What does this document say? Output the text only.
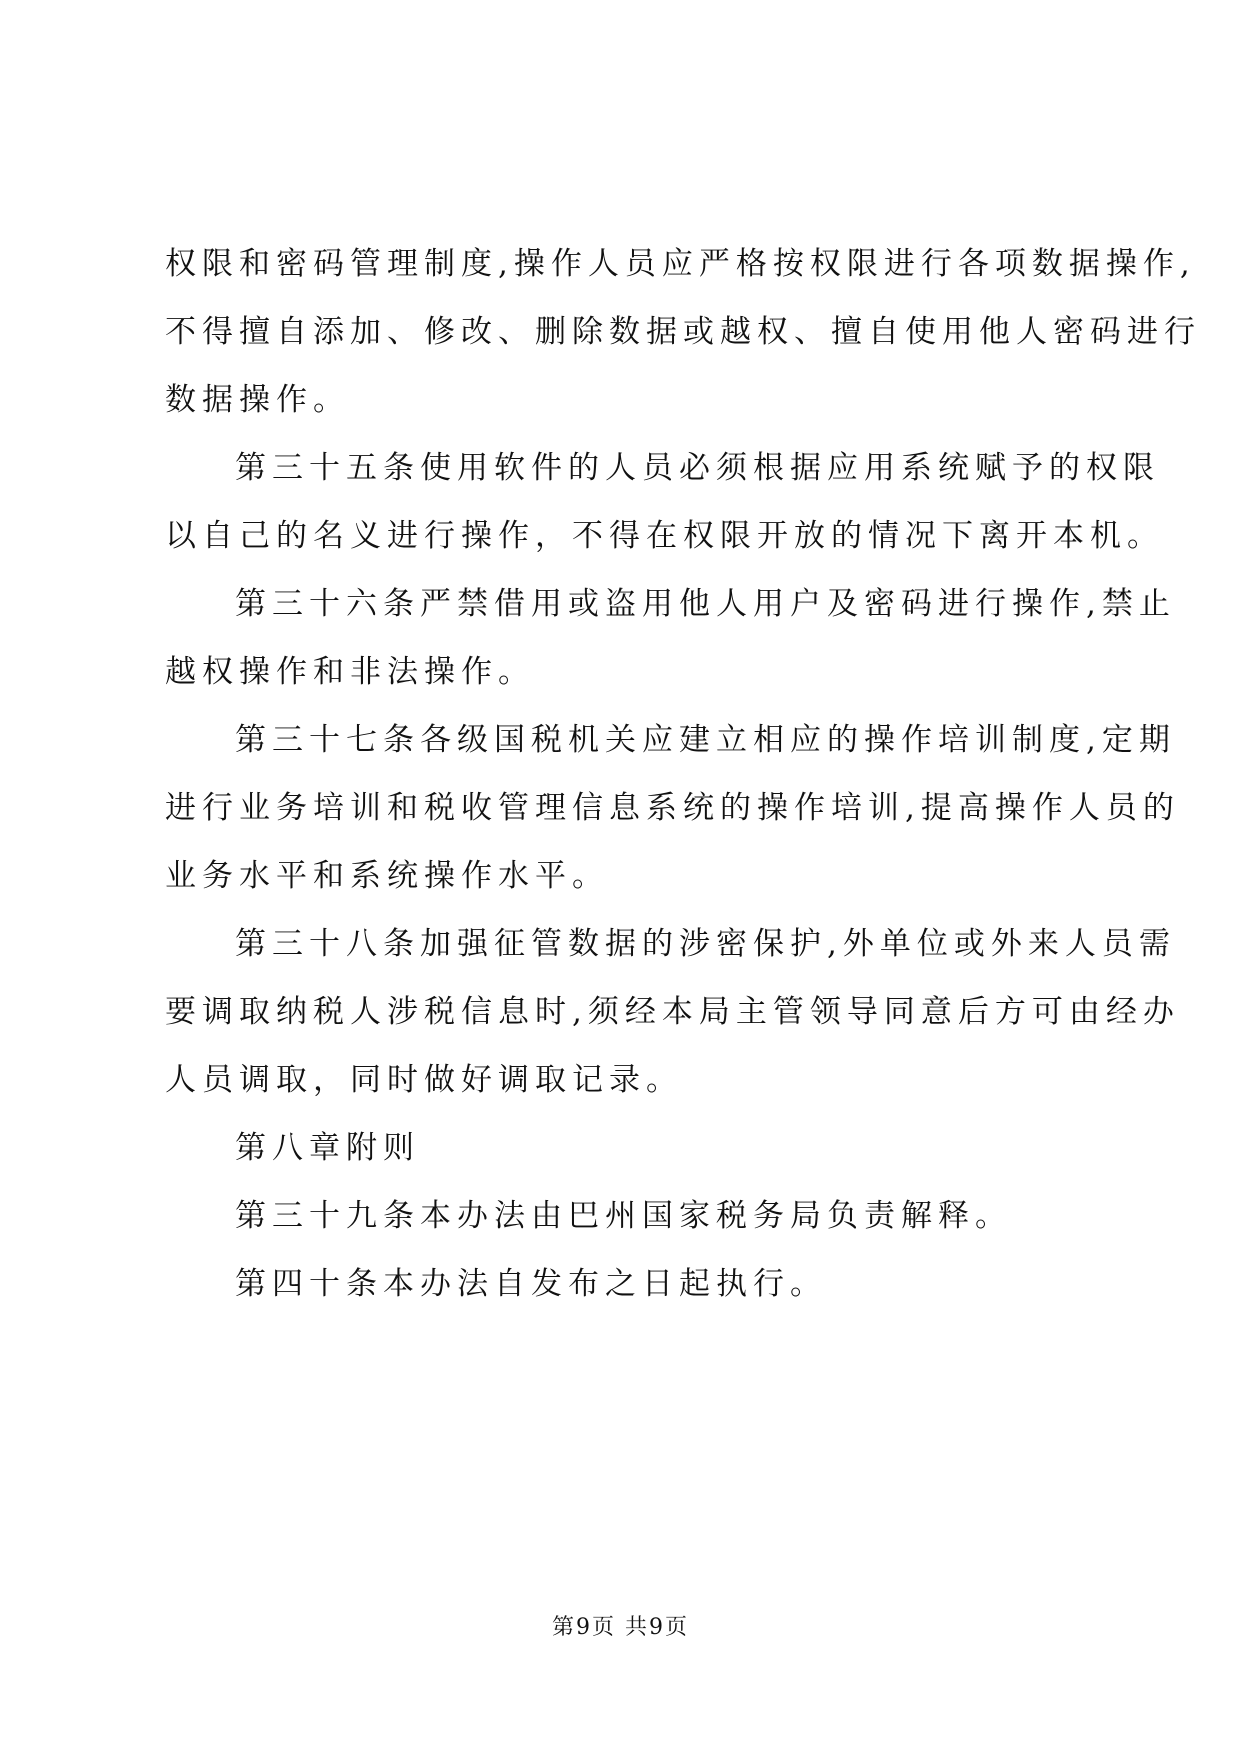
权限和密码管理制度,操作人员应严格按权限进行各项数据操作,
不得擅自添加、修改、删除数据或越权、擅自使用他人密码进行
数据操作。
第三十五条使用软件的人员必须根据应用系统赋予的权限
以自己的名义进行操作，不得在权限开放的情况下离开本机。
第三十六条严禁借用或盗用他人用户及密码进行操作,禁止
越权操作和非法操作。
第三十七条各级国税机关应建立相应的操作培训制度,定期
进行业务培训和税收管理信息系统的操作培训,提高操作人员的
业务水平和系统操作水平。
第三十八条加强征管数据的涉密保护,外单位或外来人员需
要调取纳税人涉税信息时,须经本局主管领导同意后方可由经办
人员调取，同时做好调取记录。
第八章附则
第三十九条本办法由巴州国家税务局负责解释。
第四十条本办法自发布之日起执行。
第9页 共9页
